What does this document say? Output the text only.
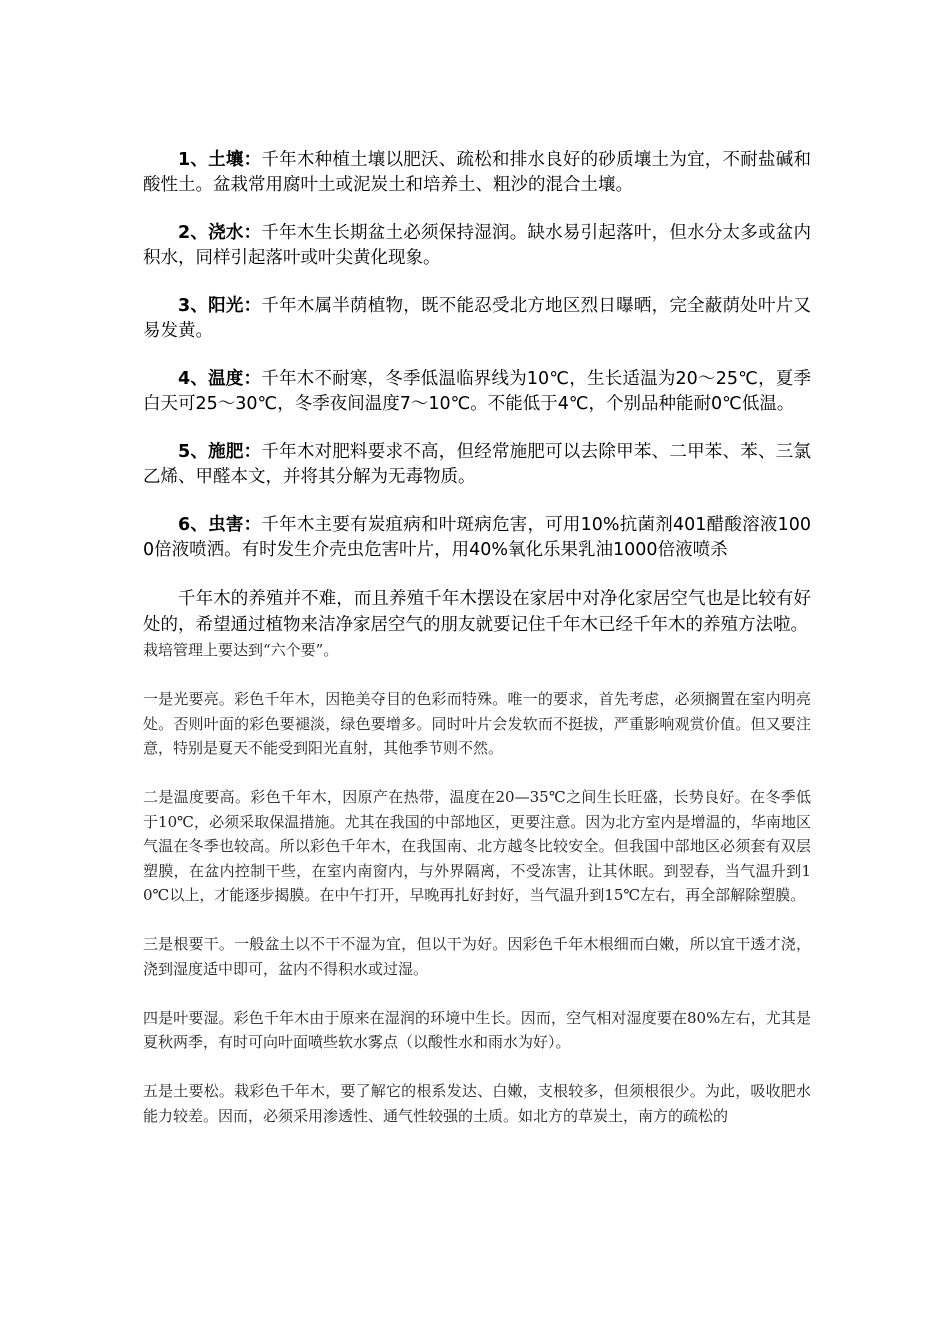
1、土壤：千年木种植土壤以肥沃、疏松和排水良好的砂质壤土为宜，不耐盐碱和酸性土。盆栽常用腐叶土或泥炭土和培养土、粗沙的混合土壤。

2、浇水：千年木生长期盆土必须保持湿润。缺水易引起落叶，但水分太多或盆内积水，同样引起落叶或叶尖黄化现象。

3、阳光：千年木属半荫植物，既不能忍受北方地区烈日曝晒，完全蔽荫处叶片又易发黄。

4、温度：千年木不耐寒，冬季低温临界线为10℃，生长适温为20～25℃，夏季白天可25～30℃，冬季夜间温度7～10℃。不能低于4℃，个别品种能耐0℃低温。

5、施肥：千年木对肥料要求不高，但经常施肥可以去除甲苯、二甲苯、苯、三氯乙烯、甲醛本文，并将其分解为无毒物质。

6、虫害：千年木主要有炭疽病和叶斑病危害，可用10%抗菌剂401醋酸溶液1000倍液喷洒。有时发生介壳虫危害叶片，用40%氧化乐果乳油1000倍液喷杀

千年木的养殖并不难，而且养殖千年木摆设在家居中对净化家居空气也是比较有好处的，希望通过植物来洁净家居空气的朋友就要记住千年木已经千年木的养殖方法啦。

栽培管理上要达到“六个要”。

一是光要亮。彩色千年木，因艳美夺目的色彩而特殊。唯一的要求，首先考虑，必须搁置在室内明亮处。否则叶面的彩色要褪淡，绿色要增多。同时叶片会发软而不挺拔，严重影响观赏价值。但又要注意，特别是夏天不能受到阳光直射，其他季节则不然。

二是温度要高。彩色千年木，因原产在热带，温度在20—35℃之间生长旺盛，长势良好。在冬季低于10℃，必须采取保温措施。尤其在我国的中部地区，更要注意。因为北方室内是增温的，华南地区气温在冬季也较高。所以彩色千年木，在我国南、北方越冬比较安全。但我国中部地区必须套有双层塑膜，在盆内控制干些，在室内南窗内，与外界隔离，不受冻害，让其休眠。到翌春，当气温升到10℃以上，才能逐步揭膜。在中午打开，早晚再扎好封好，当气温升到15℃左右，再全部解除塑膜。

三是根要干。一般盆土以不干不湿为宜，但以干为好。因彩色千年木根细而白嫩，所以宜干透才浇，浇到湿度适中即可，盆内不得积水或过湿。

四是叶要湿。彩色千年木由于原来在湿润的环境中生长。因而，空气相对湿度要在80%左右，尤其是夏秋两季，有时可向叶面喷些软水雾点（以酸性水和雨水为好）。

五是土要松。栽彩色千年木，要了解它的根系发达、白嫩，支根较多，但须根很少。为此，吸收肥水能力较差。因而，必须采用渗透性、通气性较强的土质。如北方的草炭土，南方的疏松的
